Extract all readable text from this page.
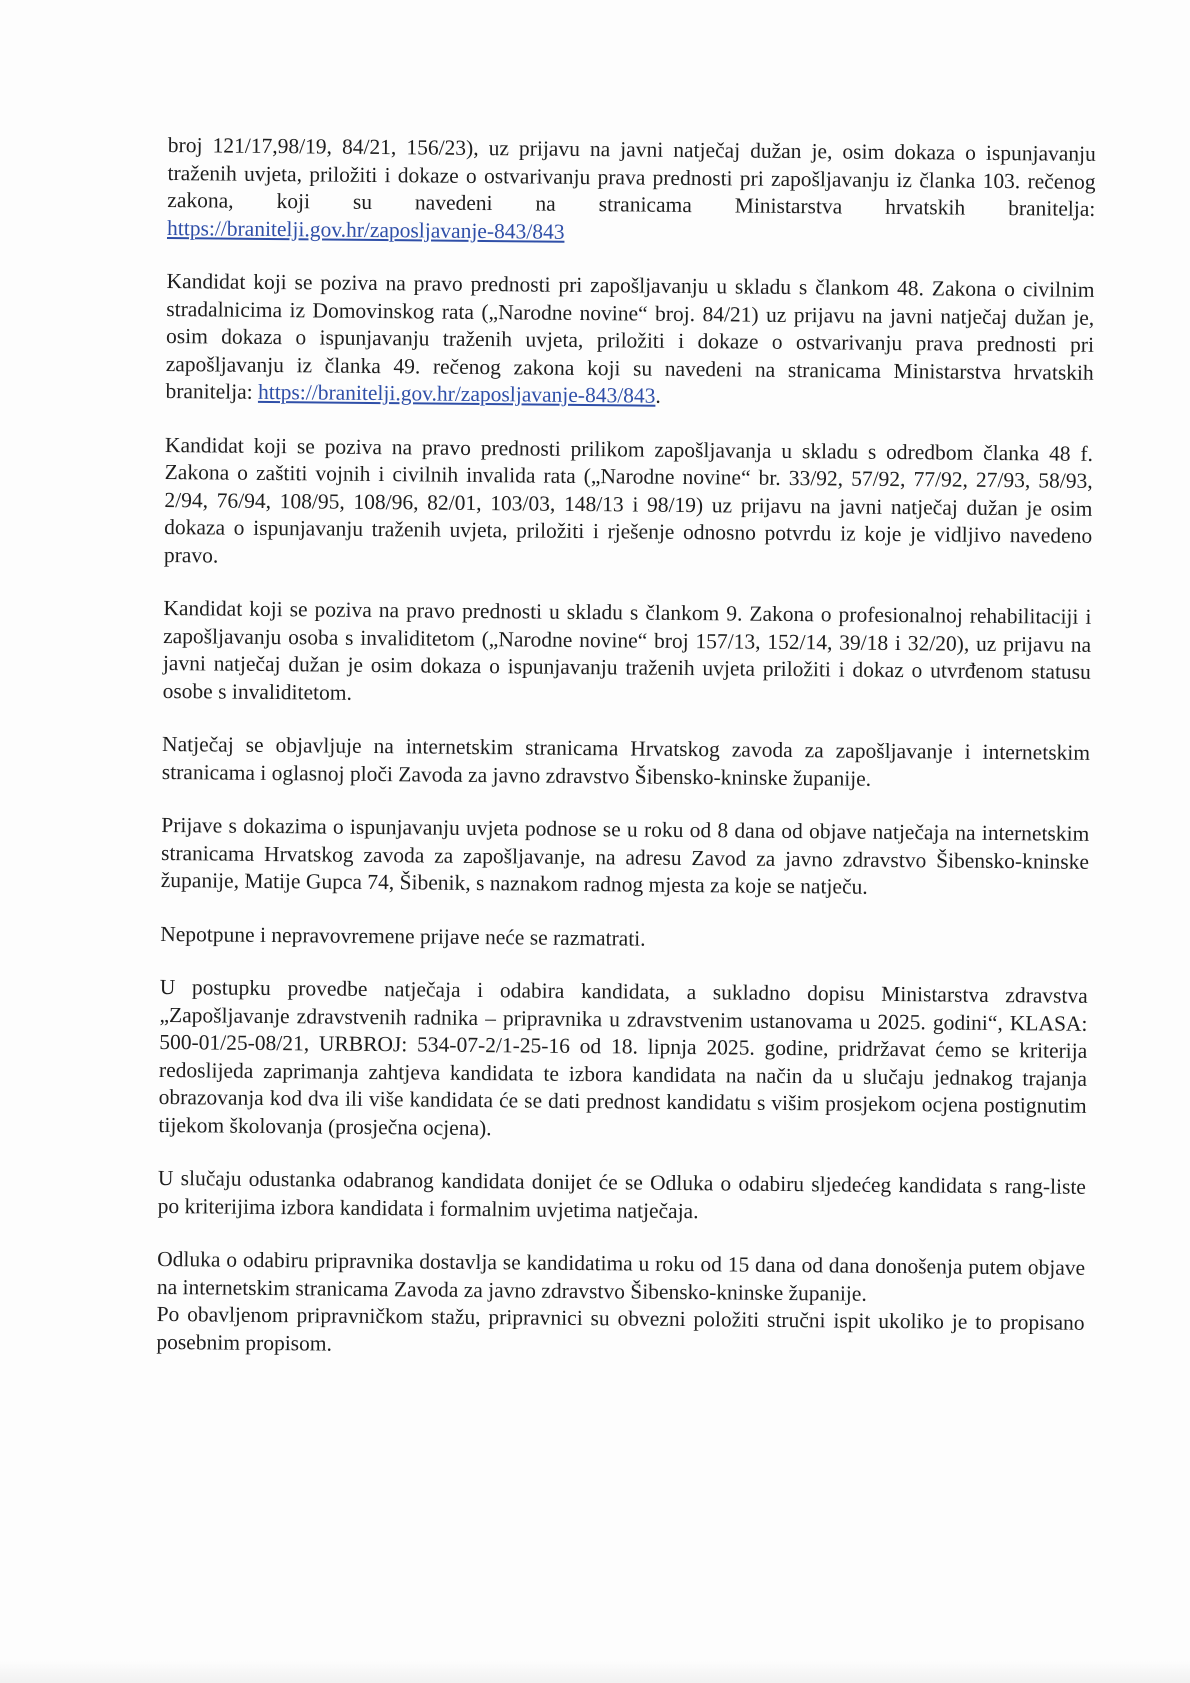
broj 121/17,98/19, 84/21, 156/23), uz prijavu na javni natječaj dužan je, osim dokaza o ispunjavanju traženih uvjeta, priložiti i dokaze o ostvarivanju prava prednosti pri zapošljavanju iz članka 103. rečenog zakona, koji su navedeni na stranicama Ministarstva hrvatskih branitelja: https://branitelji.gov.hr/zaposljavanje-843/843

Kandidat koji se poziva na pravo prednosti pri zapošljavanju u skladu s člankom 48. Zakona o civilnim stradalnicima iz Domovinskog rata („Narodne novine“ broj. 84/21) uz prijavu na javni natječaj dužan je, osim dokaza o ispunjavanju traženih uvjeta, priložiti i dokaze o ostvarivanju prava prednosti pri zapošljavanju iz članka 49. rečenog zakona koji su navedeni na stranicama Ministarstva hrvatskih branitelja: https://branitelji.gov.hr/zaposljavanje-843/843.

Kandidat koji se poziva na pravo prednosti prilikom zapošljavanja u skladu s odredbom članka 48 f. Zakona o zaštiti vojnih i civilnih invalida rata („Narodne novine“ br. 33/92, 57/92, 77/92, 27/93, 58/93, 2/94, 76/94, 108/95, 108/96, 82/01, 103/03, 148/13 i 98/19) uz prijavu na javni natječaj dužan je osim dokaza o ispunjavanju traženih uvjeta, priložiti i rješenje odnosno potvrdu iz koje je vidljivo navedeno pravo.

Kandidat koji se poziva na pravo prednosti u skladu s člankom 9. Zakona o profesionalnoj rehabilitaciji i zapošljavanju osoba s invaliditetom („Narodne novine“ broj 157/13, 152/14, 39/18 i 32/20), uz prijavu na javni natječaj dužan je osim dokaza o ispunjavanju traženih uvjeta priložiti i dokaz o utvrđenom statusu osobe s invaliditetom.

Natječaj se objavljuje na internetskim stranicama Hrvatskog zavoda za zapošljavanje i internetskim stranicama i oglasnoj ploči Zavoda za javno zdravstvo Šibensko-kninske županije.

Prijave s dokazima o ispunjavanju uvjeta podnose se u roku od 8 dana od objave natječaja na internetskim stranicama Hrvatskog zavoda za zapošljavanje, na adresu Zavod za javno zdravstvo Šibensko-kninske županije, Matije Gupca 74, Šibenik, s naznakom radnog mjesta za koje se natječu.

Nepotpune i nepravovremene prijave neće se razmatrati.

U postupku provedbe natječaja i odabira kandidata, a sukladno dopisu Ministarstva zdravstva „Zapošljavanje zdravstvenih radnika – pripravnika u zdravstvenim ustanovama u 2025. godini“, KLASA: 500-01/25-08/21, URBROJ: 534-07-2/1-25-16 od 18. lipnja 2025. godine, pridržavat ćemo se kriterija redoslijeda zaprimanja zahtjeva kandidata te izbora kandidata na način da u slučaju jednakog trajanja obrazovanja kod dva ili više kandidata će se dati prednost kandidatu s višim prosjekom ocjena postignutim tijekom školovanja (prosječna ocjena).

U slučaju odustanka odabranog kandidata donijet će se Odluka o odabiru sljedećeg kandidata s rang-liste po kriterijima izbora kandidata i formalnim uvjetima natječaja.

Odluka o odabiru pripravnika dostavlja se kandidatima u roku od 15 dana od dana donošenja putem objave na internetskim stranicama Zavoda za javno zdravstvo Šibensko-kninske županije.

Po obavljenom pripravničkom stažu, pripravnici su obvezni položiti stručni ispit ukoliko je to propisano posebnim propisom.
